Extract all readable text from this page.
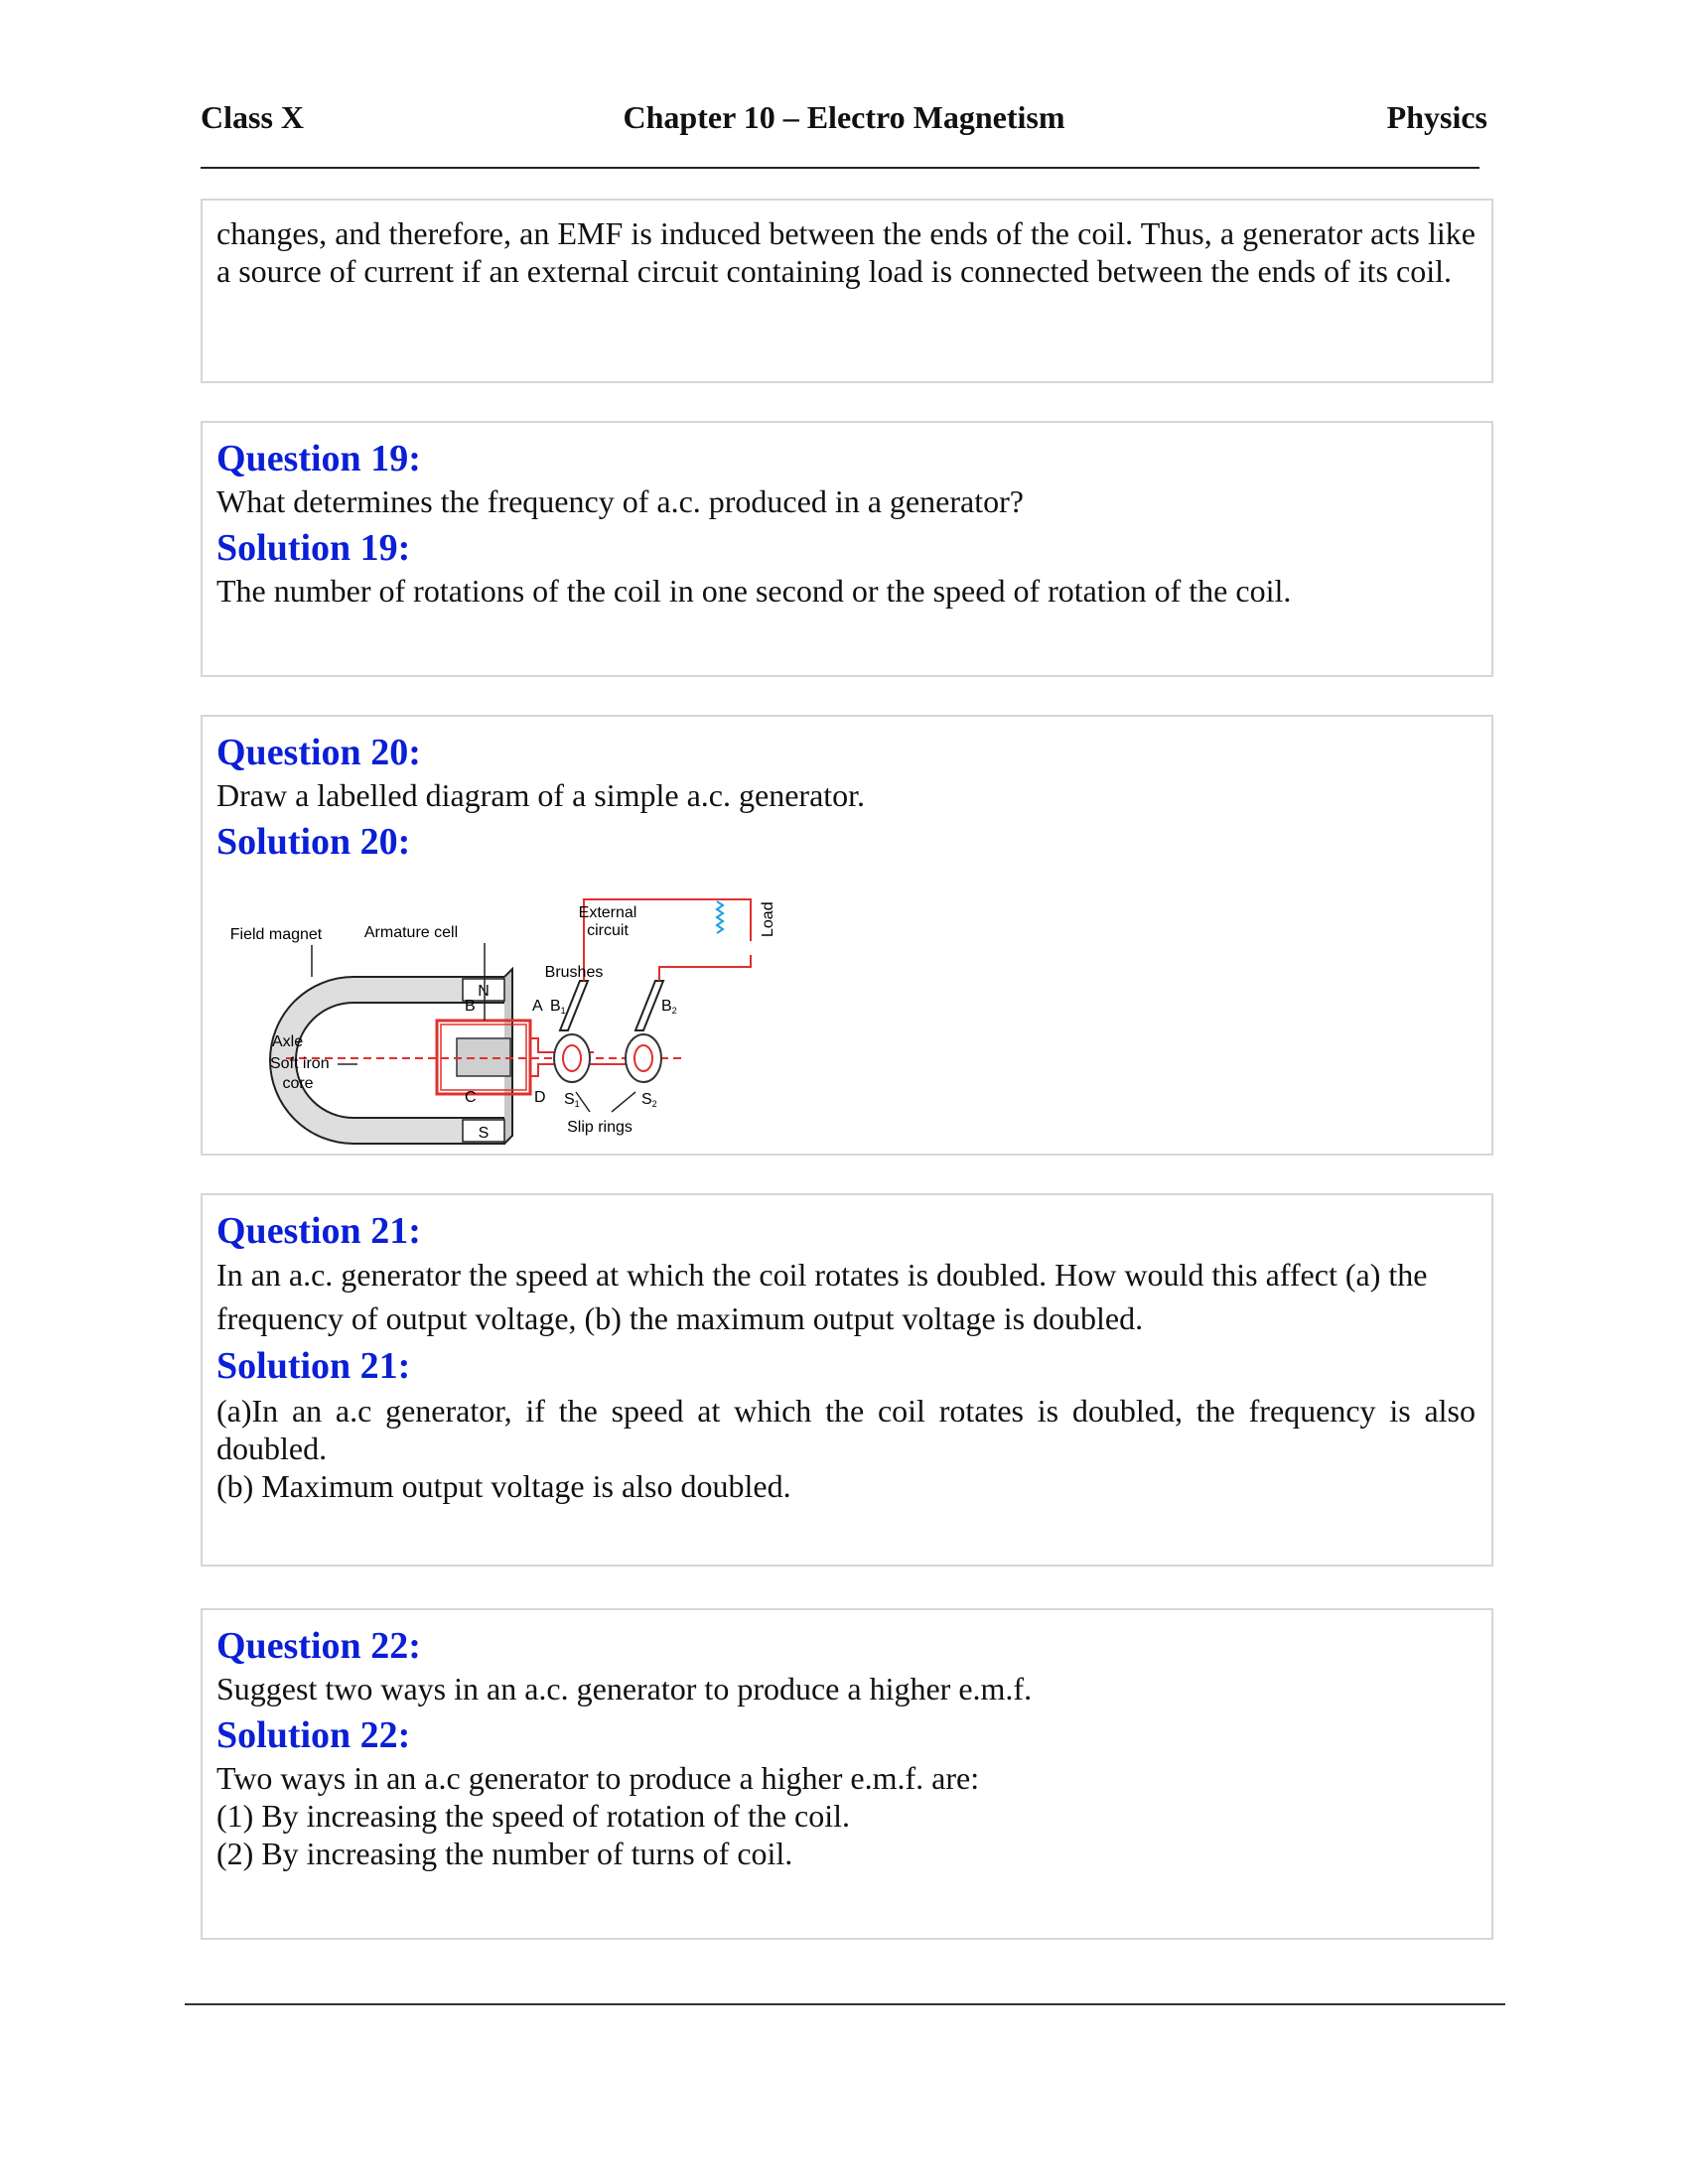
Class X	Chapter 10 – Electro Magnetism	Physics
changes, and therefore, an EMF is induced between the ends of the coil. Thus, a generator acts like a source of current if an external circuit containing load is connected between the ends of its coil.

Question 19:

What determines the frequency of a.c. produced in a generator?

Solution 19:

The number of rotations of the coil in one second or the speed of rotation of the coil.

Question 20:

Draw a labelled diagram of a simple a.c. generator.

Solution 20:

N
S
Field magnet	Armature cell
External
circuit	Load
Brushes
B	A
C	D
B1	B2
Axle
Soft iron
core
S1	S2
Slip rings

Question 21:

In an a.c. generator the speed at which the coil rotates is doubled. How would this affect (a) the frequency of output voltage, (b) the maximum output voltage is doubled.

Solution 21:

(a)In an a.c generator, if the speed at which the coil rotates is doubled, the frequency is also doubled.

(b) Maximum output voltage is also doubled.

Question 22:

Suggest two ways in an a.c. generator to produce a higher e.m.f.

Solution 22:

Two ways in an a.c generator to produce a higher e.m.f. are:

(1) By increasing the speed of rotation of the coil.

(2) By increasing the number of turns of coil.
